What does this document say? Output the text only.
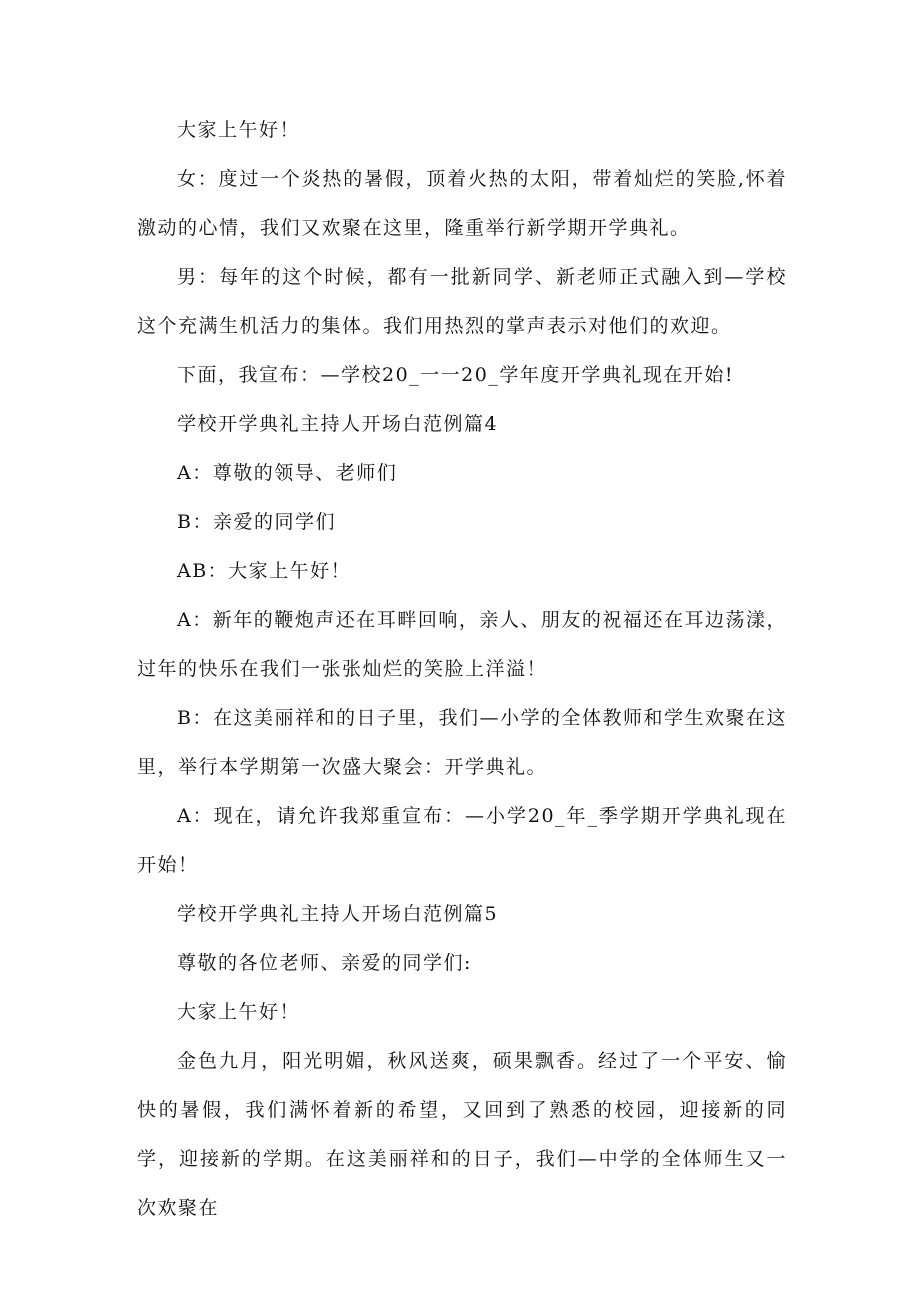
大家上午好！

女：度过一个炎热的暑假，顶着火热的太阳，带着灿烂的笑脸,怀着激动的心情，我们又欢聚在这里，隆重举行新学期开学典礼。

男：每年的这个时候，都有一批新同学、新老师正式融入到—学校这个充满生机活力的集体。我们用热烈的掌声表示对他们的欢迎。

下面，我宣布：—学校20_一一20_学年度开学典礼现在开始!

学校开学典礼主持人开场白范例篇4

A：尊敬的领导、老师们

B：亲爱的同学们

AB：大家上午好！

A：新年的鞭炮声还在耳畔回响，亲人、朋友的祝福还在耳边荡漾，过年的快乐在我们一张张灿烂的笑脸上洋溢！

B：在这美丽祥和的日子里，我们—小学的全体教师和学生欢聚在这里，举行本学期第一次盛大聚会：开学典礼。

A：现在，请允许我郑重宣布：—小学20_年_季学期开学典礼现在开始！

学校开学典礼主持人开场白范例篇5

尊敬的各位老师、亲爱的同学们:

大家上午好！

金色九月，阳光明媚，秋风送爽，硕果飘香。经过了一个平安、愉快的暑假，我们满怀着新的希望，又回到了熟悉的校园，迎接新的同学，迎接新的学期。在这美丽祥和的日子，我们—中学的全体师生又一次欢聚在
